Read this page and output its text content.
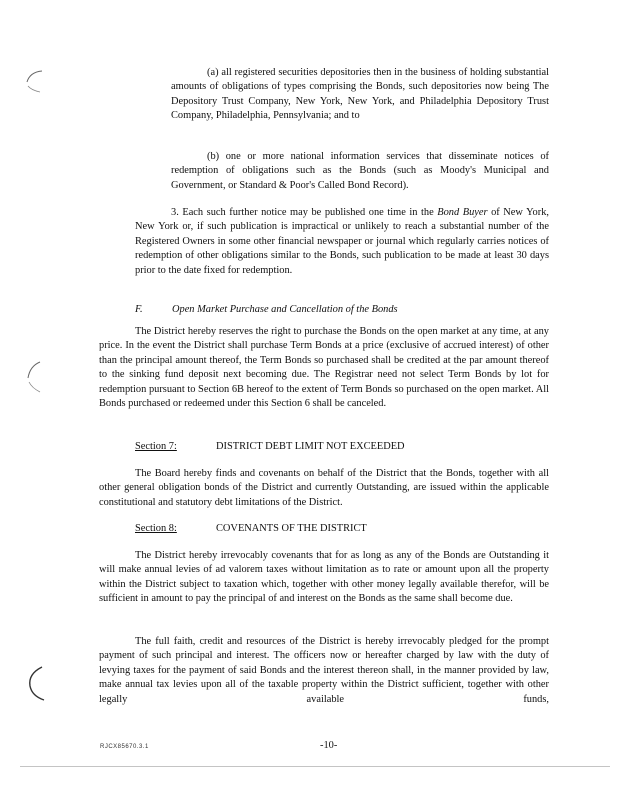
(a) all registered securities depositories then in the business of holding substantial amounts of obligations of types comprising the Bonds, such depositories now being The Depository Trust Company, New York, New York, and Philadelphia Depository Trust Company, Philadelphia, Pennsylvania; and to

(b) one or more national information services that disseminate notices of redemption of obligations such as the Bonds (such as Moody's Municipal and Government, or Standard & Poor's Called Bond Record).

3. Each such further notice may be published one time in the Bond Buyer of New York, New York or, if such publication is impractical or unlikely to reach a substantial number of the Registered Owners in some other financial newspaper or journal which regularly carries notices of redemption of other obligations similar to the Bonds, such publication to be made at least 30 days prior to the date fixed for redemption.

F.	Open Market Purchase and Cancellation of the Bonds

The District hereby reserves the right to purchase the Bonds on the open market at any time, at any price. In the event the District shall purchase Term Bonds at a price (exclusive of accrued interest) of other than the principal amount thereof, the Term Bonds so purchased shall be credited at the par amount thereof to the sinking fund deposit next becoming due. The Registrar need not select Term Bonds by lot for redemption pursuant to Section 6B hereof to the extent of Term Bonds so purchased on the open market. All Bonds purchased or redeemed under this Section 6 shall be canceled.

Section 7:	DISTRICT DEBT LIMIT NOT EXCEEDED

The Board hereby finds and covenants on behalf of the District that the Bonds, together with all other general obligation bonds of the District and currently Outstanding, are issued within the applicable constitutional and statutory debt limitations of the District.

Section 8:	COVENANTS OF THE DISTRICT

The District hereby irrevocably covenants that for as long as any of the Bonds are Outstanding it will make annual levies of ad valorem taxes without limitation as to rate or amount upon all the property within the District subject to taxation which, together with other money legally available therefor, will be sufficient in amount to pay the principal of and interest on the Bonds as the same shall become due.

The full faith, credit and resources of the District is hereby irrevocably pledged for the prompt payment of such principal and interest. The officers now or hereafter charged by law with the duty of levying taxes for the payment of said Bonds and the interest thereon shall, in the manner provided by law, make annual tax levies upon all of the taxable property within the District sufficient, together with other legally available funds,

RJCX85670.3.1	-10-
